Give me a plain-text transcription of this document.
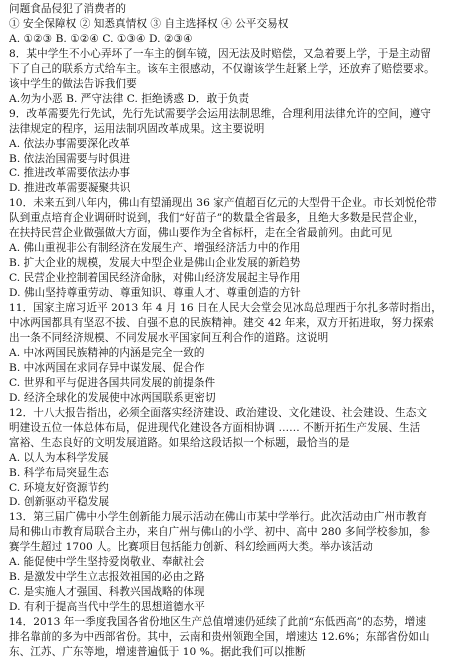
问题食品侵犯了消费者的
① 安全保障权 ② 知悉真情权 ③ 自主选择权 ④ 公平交易权
A. ①②③ B. ①②④ C. ①③④ D. ②③④
8．某中学生不小心弄坏了一车主的倒车镜，因无法及时赔偿，又急着要上学，于是主动留
下了自己的联系方式给车主。该车主很感动，不仅谢该学生赶紧上学，还放弃了赔偿要求。
该中学生的做法告诉我们要
A.勿为小恶 B. 严守法律 C. 拒绝诱惑 D．敢于负责
9．改革需要先行先试，先行先试需要学会运用法制思维，合理利用法律允许的空间，遵守
法律规定的程序，运用法制巩固改革成果。这主要说明
A. 依法办事需要深化改革
B. 依法治国需要与时俱进
C. 推进改革需要依法办事
D. 推进改革需要凝聚共识
10．未来五到八年内，佛山有望涌现出 36 家产值超百亿元的大型骨干企业。市长刘悦伦带
队到重点培育企业调研时说到，我们“好苗子”的数量全省最多，且绝大多数是民营企业，
在扶持民营企业做强做大方面，佛山要作为全省标杆，走在全省最前列。由此可见
A. 佛山重视非公有制经济在发展生产、增强经济活力中的作用
B. 扩大企业的规模，发展大中型企业是佛山企业发展的新趋势
C. 民营企业控制着国民经济命脉，对佛山经济发展起主导作用
D. 佛山坚持尊重劳动、尊重知识、尊重人才、尊重创造的方针
11．国家主席习近平 2013 年 4 月 16 日在人民大会堂会见冰岛总理西于尔扎多蒂时指出，
中冰两国都具有坚忍不拔、自强不息的民族精神。建交 42 年来，双方开拓进取，努力探索
出一条不同经济规模、不同发展水平国家间互利合作的道路。这说明
A. 中冰两国民族精神的内涵是完全一致的
B. 中冰两国在求同存异中谋发展、促合作
C. 世界和平与促进各国共同发展的前提条件
D. 经济全球化的发展使中冰两国联系更密切
12．十八大报告指出，必须全面落实经济建设、政治建设、文化建设、社会建设、生态文
明建设五位一体总体布局，促进现代化建设各方面相协调 …… 不断开拓生产发展、生活
富裕、生态良好的文明发展道路。如果给这段话拟一个标题，最恰当的是
A. 以人为本科学发展
B. 科学布局突显生态
C. 环境友好资源节约
D. 创新驱动平稳发展
13．第三届广佛中小学生创新能力展示活动在佛山市某中学举行。此次活动由广州市教育
局和佛山市教育局联合主办，来自广州与佛山的小学、初中、高中 280 多间学校参加，参
赛学生超过 1700 人。比赛项目包括能力创新、科幻绘画两大类。举办该活动
A. 能促使中学生坚持爱岗敬业、奉献社会
B. 是激发中学生立志报效祖国的必由之路
C. 是实施人才强国、科教兴国战略的体现
D. 有利于提高当代中学生的思想道德水平
14．2013 年一季度我国各省份地区生产总值增速仍延续了此前“东低西高”的态势，增速
排名靠前的多为中西部省份。其中，云南和贵州领跑全国，增速达 12.6%；东部省份如山
东、江苏、广东等地，增速普遍低于 10 %。据此我们可以推断
